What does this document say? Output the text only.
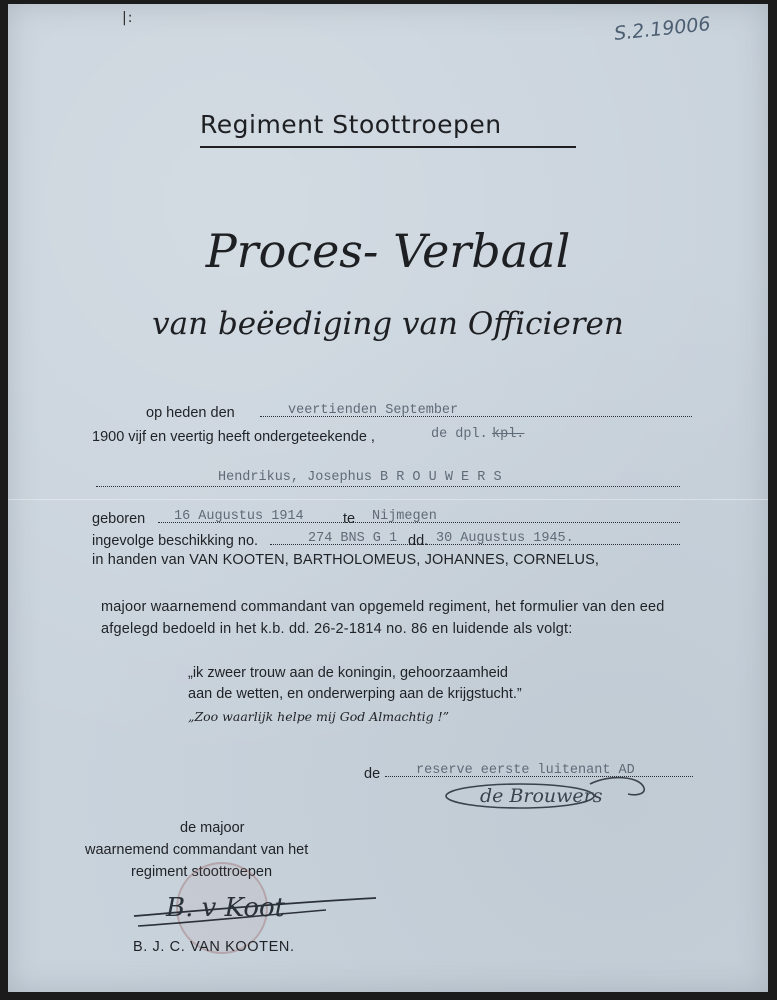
|:	S.2.19006
Regiment Stoottroepen
Proces- Verbaal
van beëediging van Officieren
op heden den	veertienden September
1900 vijf en veertig heeft ondergeteekende ,	de dpl. kpl.
Hendrikus, Josephus B R O U W E R S
geboren 16 Augustus 1914	te Nijmegen
ingevolge beschikking no.	274 BNS G 1 dd. 30 Augustus 1945.
in handen van VAN KOOTEN, BARTHOLOMEUS, JOHANNES, CORNELUS,
majoor waarnemend commandant van opgemeld regiment, het formulier van den eed afgelegd bedoeld in het k.b. dd. 26-2-1814 no. 86 en luidende als volgt:
„ik zweer trouw aan de koningin, gehoorzaamheid
aan de wetten, en onderwerping aan de krijgstucht.”
„Zoo waarlijk helpe mij God Almachtig !”
de	reserve eerste luitenant AD
de Brouwers
de majoor
waarnemend commandant van het
regiment stoottroepen
B. v Koot
B. J. C. VAN KOOTEN.
